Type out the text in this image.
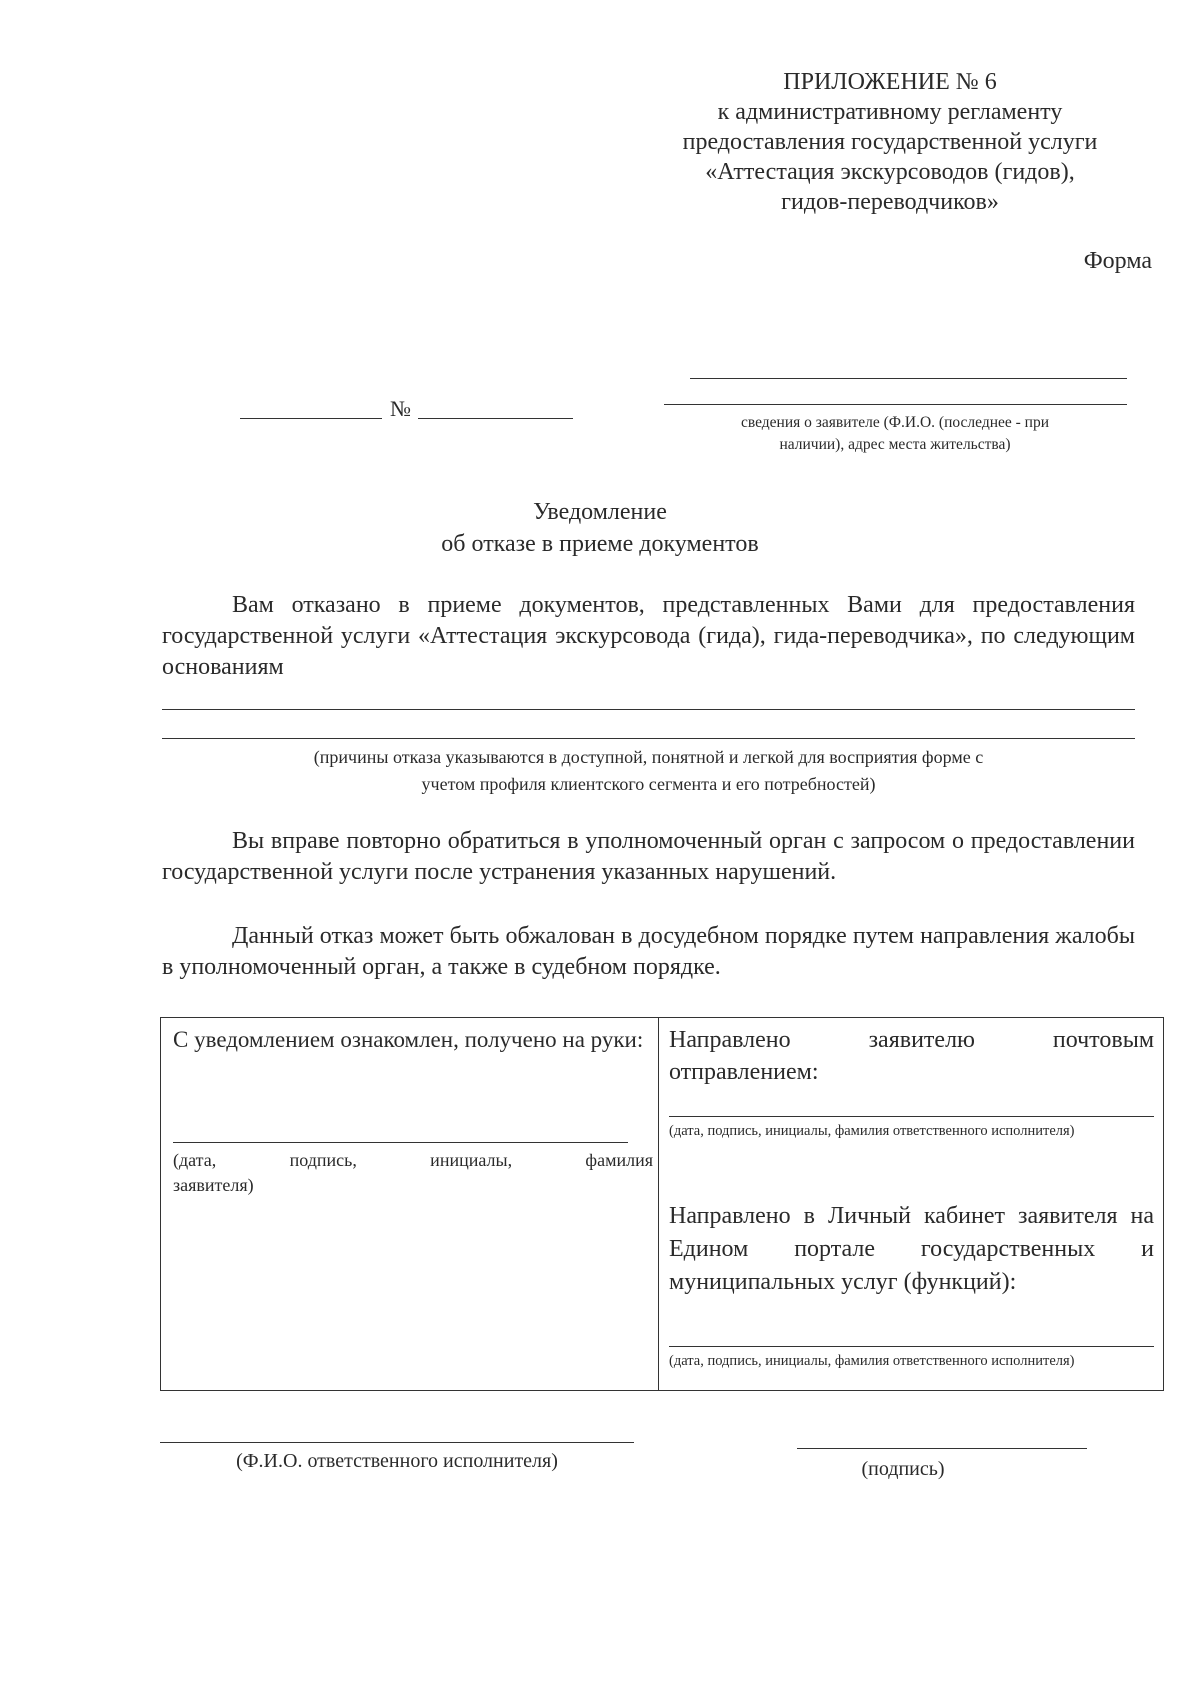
ПРИЛОЖЕНИЕ № 6
к административному регламенту
предоставления государственной услуги
«Аттестация экскурсоводов (гидов),
гидов-переводчиков»
Форма
№
сведения о заявителе (Ф.И.О. (последнее - при
наличии), адрес места жительства)
Уведомление
об отказе в приеме документов
Вам отказано в приеме документов, представленных Вами для предоставления государственной услуги «Аттестация экскурсовода (гида), гида-переводчика», по следующим основаниям
(причины отказа указываются в доступной, понятной и легкой для восприятия форме с
учетом профиля клиентского сегмента и его потребностей)
Вы вправе повторно обратиться в уполномоченный орган с запросом о предоставлении государственной услуги после устранения указанных нарушений.
Данный отказ может быть обжалован в досудебном порядке путем направления жалобы в уполномоченный орган, а также в судебном порядке.
С уведомлением ознакомлен, получено на руки:
(дата, подпись, инициалы, фамилия заявителя)

Направлено заявителю почтовым отправлением:
(дата, подпись, инициалы, фамилия ответственного исполнителя)
Направлено в Личный кабинет заявителя на Едином портале государственных и муниципальных услуг (функций):
(дата, подпись, инициалы, фамилия ответственного исполнителя)
(Ф.И.О. ответственного исполнителя)	(подпись)
